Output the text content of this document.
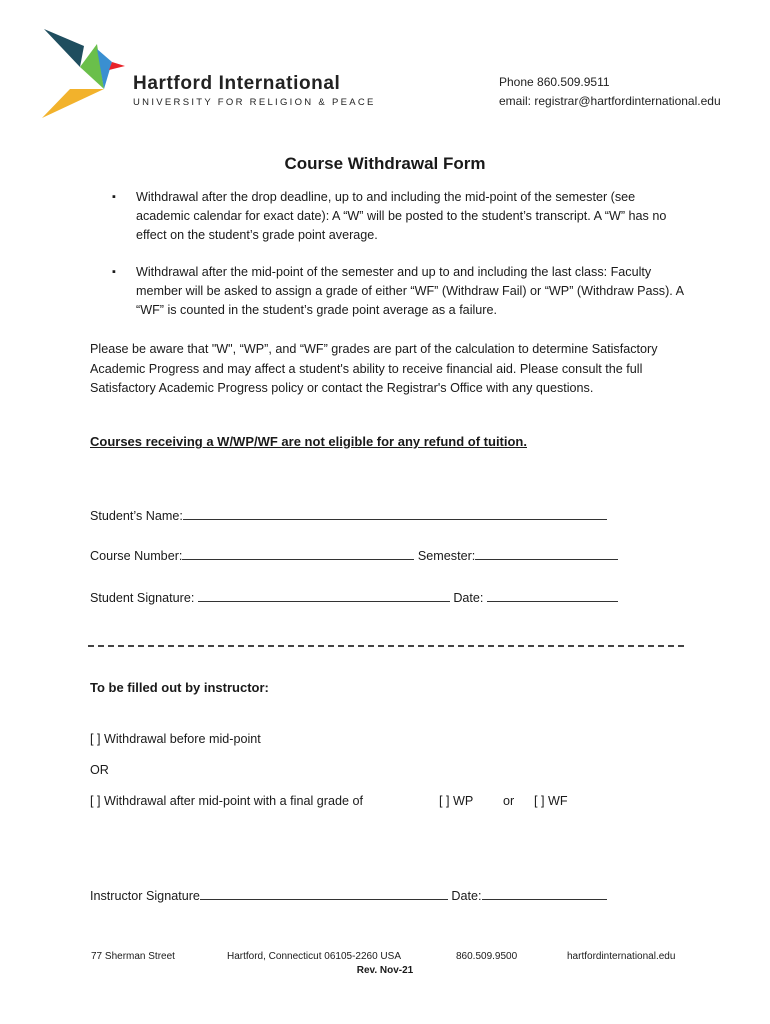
Hartford International
UNIVERSITY FOR RELIGION & PEACE
Phone 860.509.9511
email: registrar@hartfordinternational.edu
Course Withdrawal Form
▪ Withdrawal after the drop deadline, up to and including the mid-point of the semester (see academic calendar for exact date): A “W” will be posted to the student’s transcript. A “W” has no effect on the student’s grade point average.
▪ Withdrawal after the mid-point of the semester and up to and including the last class: Faculty member will be asked to assign a grade of either “WF” (Withdraw Fail) or “WP” (Withdraw Pass). A “WF” is counted in the student’s grade point average as a failure.
Please be aware that "W", “WP”, and “WF” grades are part of the calculation to determine Satisfactory Academic Progress and may affect a student's ability to receive financial aid. Please consult the full Satisfactory Academic Progress policy or contact the Registrar's Office with any questions.
Courses receiving a W/WP/WF are not eligible for any refund of tuition.
Student’s Name:
Course Number:	Semester:
Student Signature:	Date:
To be filled out by instructor:
[ ] Withdrawal before mid-point
OR
[ ] Withdrawal after mid-point with a final grade of	[ ] WP or [ ] WF
Instructor Signature	Date:
77 Sherman Street	Hartford, Connecticut 06105-2260 USA	860.509.9500	hartfordinternational.edu
Rev. Nov-21
